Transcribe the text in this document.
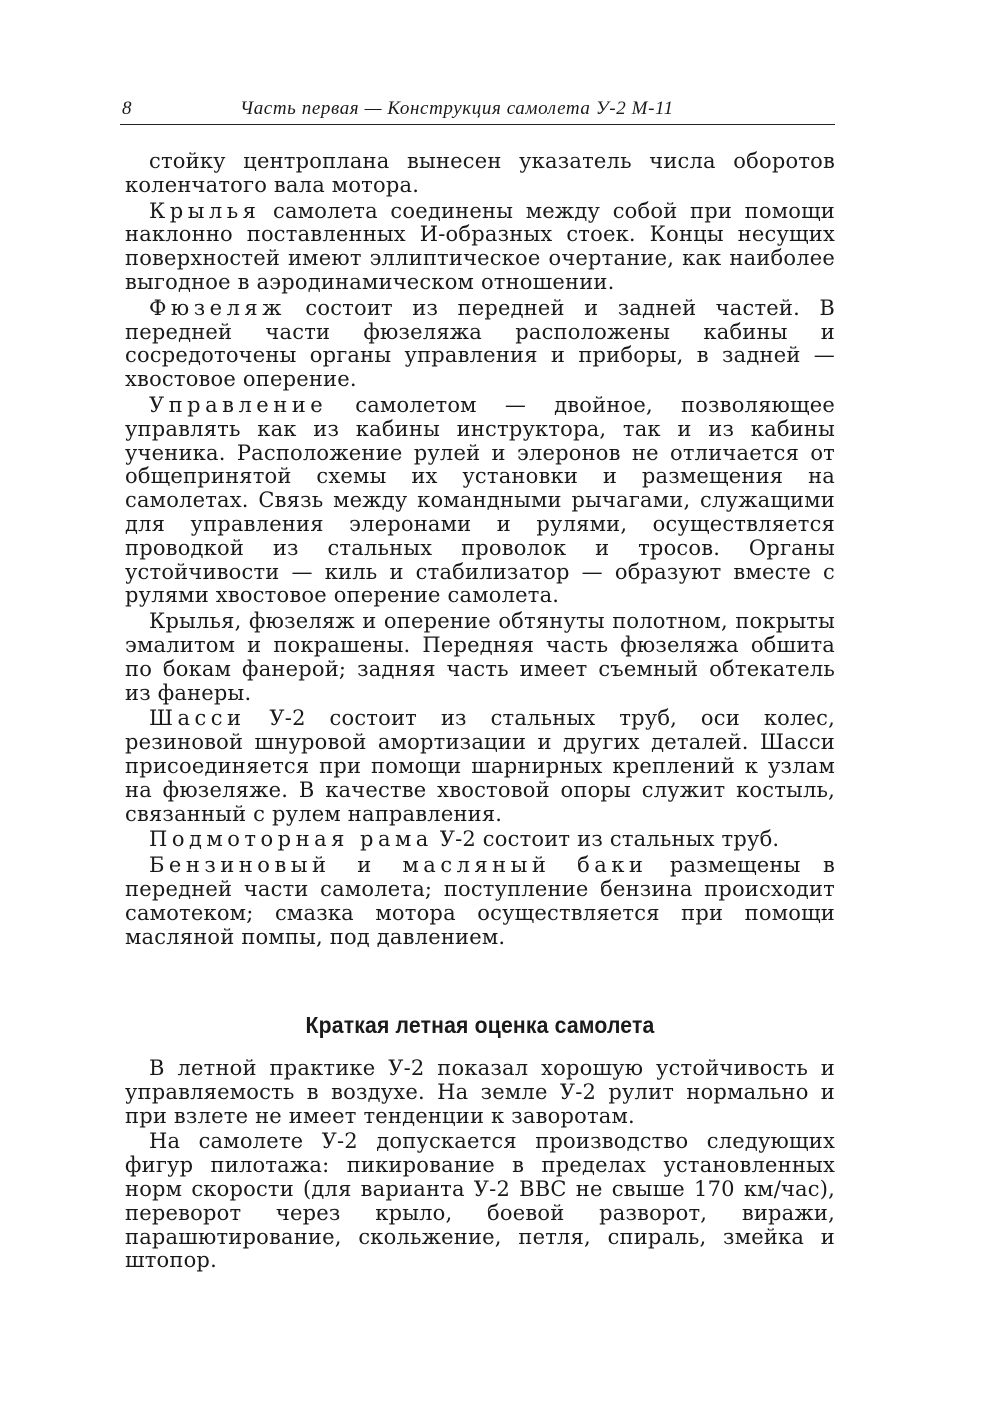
8	Часть первая — Конструкция самолета У-2 М-11

стойку центроплана вынесен указатель числа оборотов коленчатого вала мотора.

Крылья самолета соединены между собой при помощи наклонно поставленных И-образных стоек. Концы несущих поверхностей имеют эллиптическое очертание, как наиболее выгодное в аэродинамическом отношении.

Фюзеляж состоит из передней и задней частей. В передней части фюзеляжа расположены кабины и сосредоточены органы управления и приборы, в задней — хвостовое оперение.

Управление самолетом — двойное, позволяющее управлять как из кабины инструктора, так и из кабины ученика. Расположение рулей и элеронов не отличается от общепринятой схемы их установки и размещения на самолетах. Связь между командными рычагами, служащими для управления элеронами и рулями, осуществляется проводкой из стальных проволок и тросов. Органы устойчивости — киль и стабилизатор — образуют вместе с рулями хвостовое оперение самолета.

Крылья, фюзеляж и оперение обтянуты полотном, покрыты эмалитом и покрашены. Передняя часть фюзеляжа обшита по бокам фанерой; задняя часть имеет съемный обтекатель из фанеры.

Шасси У-2 состоит из стальных труб, оси колес, резиновой шнуровой амортизации и других деталей. Шасси присоединяется при помощи шарнирных креплений к узлам на фюзеляже. В качестве хвостовой опоры служит костыль, связанный с рулем направления.

Подмоторная рама У-2 состоит из стальных труб.

Бензиновый и масляный баки размещены в передней части самолета; поступление бензина происходит самотеком; смазка мотора осуществляется при помощи масляной помпы, под давлением.

Краткая летная оценка самолета

В летной практике У-2 показал хорошую устойчивость и управляемость в воздухе. На земле У-2 рулит нормально и при взлете не имеет тенденции к заворотам.

На самолете У-2 допускается производство следующих фигур пилотажа: пикирование в пределах установленных норм скорости (для варианта У-2 ВВС не свыше 170 км/час), переворот через крыло, боевой разворот, виражи, парашютирование, скольжение, петля, спираль, змейка и штопор.
